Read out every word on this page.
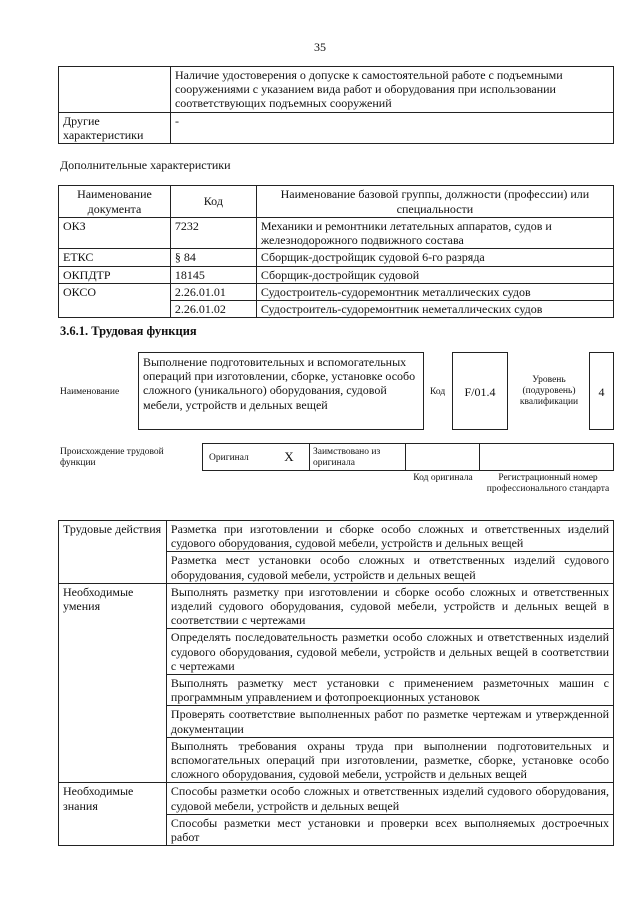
35
	Наличие удостоверения о допуске к самостоятельной работе с подъемными сооружениями с указанием вида работ и оборудования при использовании соответствующих подъемных сооружений
Другие характеристики	-
Дополнительные характеристики
Наименование документа	Код	Наименование базовой группы, должности (профессии) или специальности
ОКЗ	7232	Механики и ремонтники летательных аппаратов, судов и железнодорожного подвижного состава
ЕТКС	§ 84	Сборщик-достройщик судовой 6-го разряда
ОКПДТР	18145	Сборщик-достройщик судовой
ОКСО	2.26.01.01	Судостроитель-судоремонтник металлических судов
	2.26.01.02	Судостроитель-судоремонтник неметаллических судов
3.6.1. Трудовая функция
Наименование
Выполнение подготовительных и вспомогательных операций при изготовлении, сборке, установке особо сложного (уникального) оборудования, судовой мебели, устройств и дельных вещей
Код	F/01.4
Уровень (подуровень) квалификации
4
Происхождение трудовой функции	Оригинал	X	Заимствовано из оригинала
Код оригинала	Регистрационный номер профессионального стандарта
Трудовые действия	Разметка при изготовлении и сборке особо сложных и ответственных изделий судового оборудования, судовой мебели, устройств и дельных вещей
	Разметка мест установки особо сложных и ответственных изделий судового оборудования, судовой мебели, устройств и дельных вещей
Необходимые умения	Выполнять разметку при изготовлении и сборке особо сложных и ответственных изделий судового оборудования, судовой мебели, устройств и дельных вещей в соответствии с чертежами
	Определять последовательность разметки особо сложных и ответственных изделий судового оборудования, судовой мебели, устройств и дельных вещей в соответствии с чертежами
	Выполнять разметку мест установки с применением разметочных машин с программным управлением и фотопроекционных установок
	Проверять соответствие выполненных работ по разметке чертежам и утвержденной документации
	Выполнять требования охраны труда при выполнении подготовительных и вспомогательных операций при изготовлении, разметке, сборке, установке особо сложного оборудования, судовой мебели, устройств и дельных вещей
Необходимые знания	Способы разметки особо сложных и ответственных изделий судового оборудования, судовой мебели, устройств и дельных вещей
	Способы разметки мест установки и проверки всех выполняемых достроечных работ
